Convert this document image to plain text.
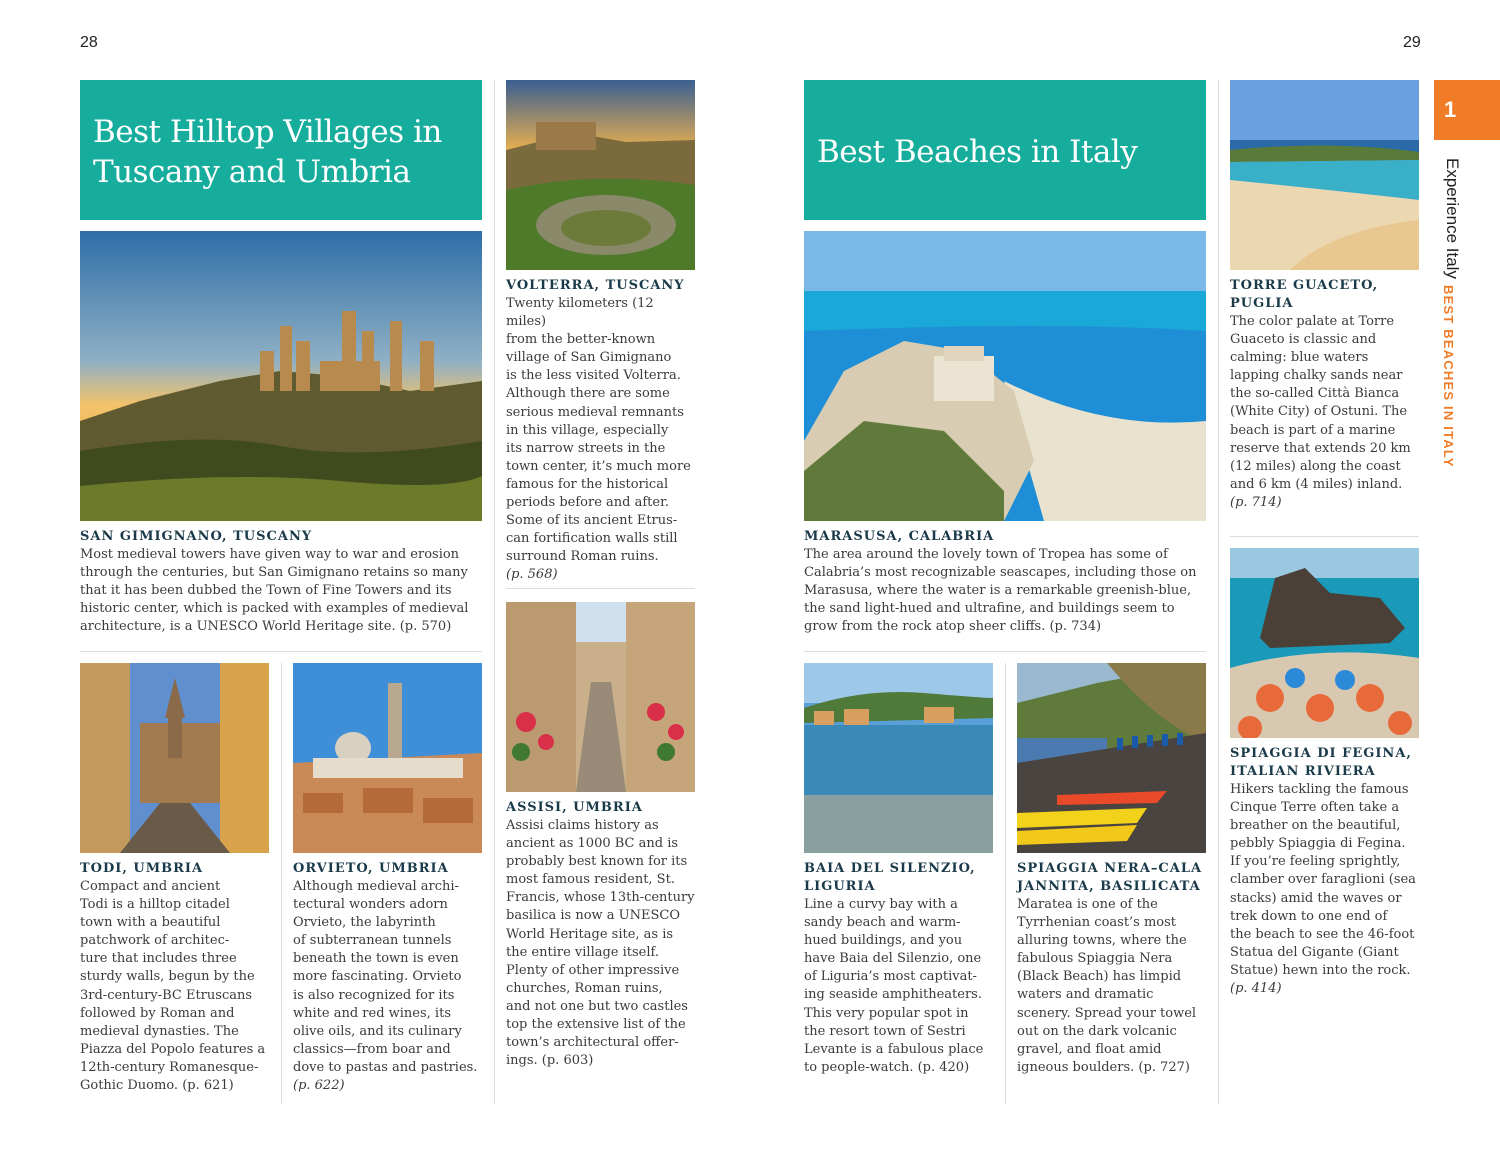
28	29
Best Hilltop Villages in
Tuscany and Umbria
SAN GIMIGNANO, TUSCANY
Most medieval towers have given way to war and erosion
through the centuries, but San Gimignano retains so many
that it has been dubbed the Town of Fine Towers and its
historic center, which is packed with examples of medieval
architecture, is a UNESCO World Heritage site. (p. 570)
VOLTERRA, TUSCANY
Twenty kilometers (12 miles)
from the better-known
village of San Gimignano
is the less visited Volterra.
Although there are some
serious medieval remnants
in this village, especially
its narrow streets in the
town center, it’s much more
famous for the historical
periods before and after.
Some of its ancient Etrus-
can fortification walls still
surround Roman ruins.
(p. 568)
TODI, UMBRIA
Compact and ancient
Todi is a hilltop citadel
town with a beautiful
patchwork of architec-
ture that includes three
sturdy walls, begun by the
3rd-century-BC Etruscans
followed by Roman and
medieval dynasties. The
Piazza del Popolo features a
12th-century Romanesque-
Gothic Duomo. (p. 621)
ORVIETO, UMBRIA
Although medieval archi-
tectural wonders adorn
Orvieto, the labyrinth
of subterranean tunnels
beneath the town is even
more fascinating. Orvieto
is also recognized for its
white and red wines, its
olive oils, and its culinary
classics—from boar and
dove to pastas and pastries.
(p. 622)
ASSISI, UMBRIA
Assisi claims history as
ancient as 1000 BC and is
probably best known for its
most famous resident, St.
Francis, whose 13th-century
basilica is now a UNESCO
World Heritage site, as is
the entire village itself.
Plenty of other impressive
churches, Roman ruins,
and not one but two castles
top the extensive list of the
town’s architectural offer-
ings. (p. 603)
Best Beaches in Italy
MARASUSA, CALABRIA
The area around the lovely town of Tropea has some of
Calabria’s most recognizable seascapes, including those on
Marasusa, where the water is a remarkable greenish-blue,
the sand light-hued and ultrafine, and buildings seem to
grow from the rock atop sheer cliffs. (p. 734)
BAIA DEL SILENZIO,
LIGURIA
Line a curvy bay with a
sandy beach and warm-
hued buildings, and you
have Baia del Silenzio, one
of Liguria’s most captivat-
ing seaside amphitheaters.
This very popular spot in
the resort town of Sestri
Levante is a fabulous place
to people-watch. (p. 420)
SPIAGGIA NERA–CALA
JANNITA, BASILICATA
Maratea is one of the
Tyrrhenian coast’s most
alluring towns, where the
fabulous Spiaggia Nera
(Black Beach) has limpid
waters and dramatic
scenery. Spread your towel
out on the dark volcanic
gravel, and float amid
igneous boulders. (p. 727)
TORRE GUACETO,
PUGLIA
The color palate at Torre
Guaceto is classic and
calming: blue waters
lapping chalky sands near
the so-called Città Bianca
(White City) of Ostuni. The
beach is part of a marine
reserve that extends 20 km
(12 miles) along the coast
and 6 km (4 miles) inland.
(p. 714)
SPIAGGIA DI FEGINA,
ITALIAN RIVIERA
Hikers tackling the famous
Cinque Terre often take a
breather on the beautiful,
pebbly Spiaggia di Fegina.
If you’re feeling sprightly,
clamber over faraglioni (sea
stacks) amid the waves or
trek down to one end of
the beach to see the 46-foot
Statua del Gigante (Giant
Statue) hewn into the rock.
(p. 414)
1
Experience Italy
BEST BEACHES IN ITALY
